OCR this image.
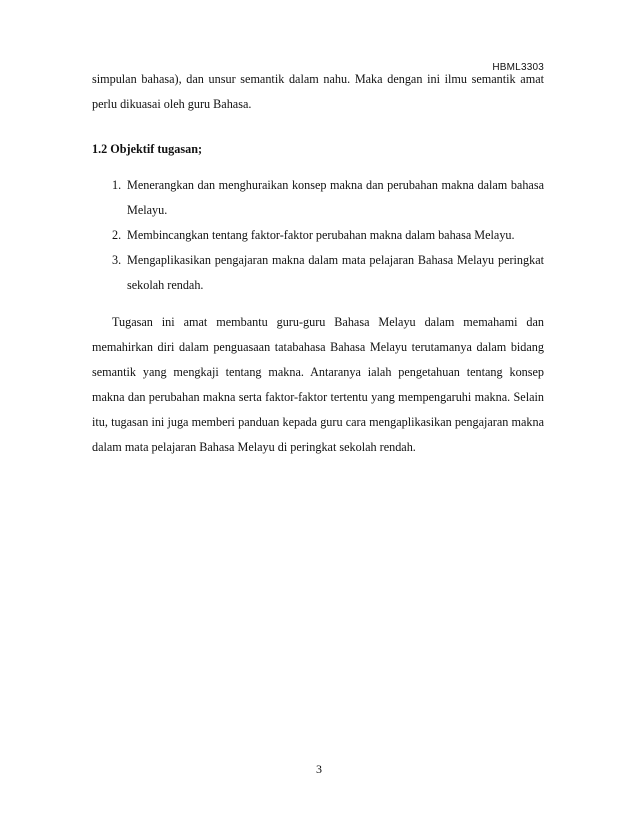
HBML3303

simpulan bahasa), dan unsur semantik dalam nahu. Maka dengan ini ilmu semantik amat perlu dikuasai oleh guru Bahasa.

1.2 Objektif tugasan;
1. Menerangkan dan menghuraikan konsep makna dan perubahan makna dalam bahasa Melayu.
2. Membincangkan tentang faktor-faktor perubahan makna dalam bahasa Melayu.
3. Mengaplikasikan pengajaran makna dalam mata pelajaran Bahasa Melayu peringkat sekolah rendah.

Tugasan ini amat membantu guru-guru Bahasa Melayu dalam memahami dan memahirkan diri dalam penguasaan tatabahasa Bahasa Melayu terutamanya dalam bidang semantik yang mengkaji tentang makna. Antaranya ialah pengetahuan tentang konsep makna dan perubahan makna serta faktor-faktor tertentu yang mempengaruhi makna. Selain itu, tugasan ini juga memberi panduan kepada guru cara mengaplikasikan pengajaran makna dalam mata pelajaran Bahasa Melayu di peringkat sekolah rendah.

3
